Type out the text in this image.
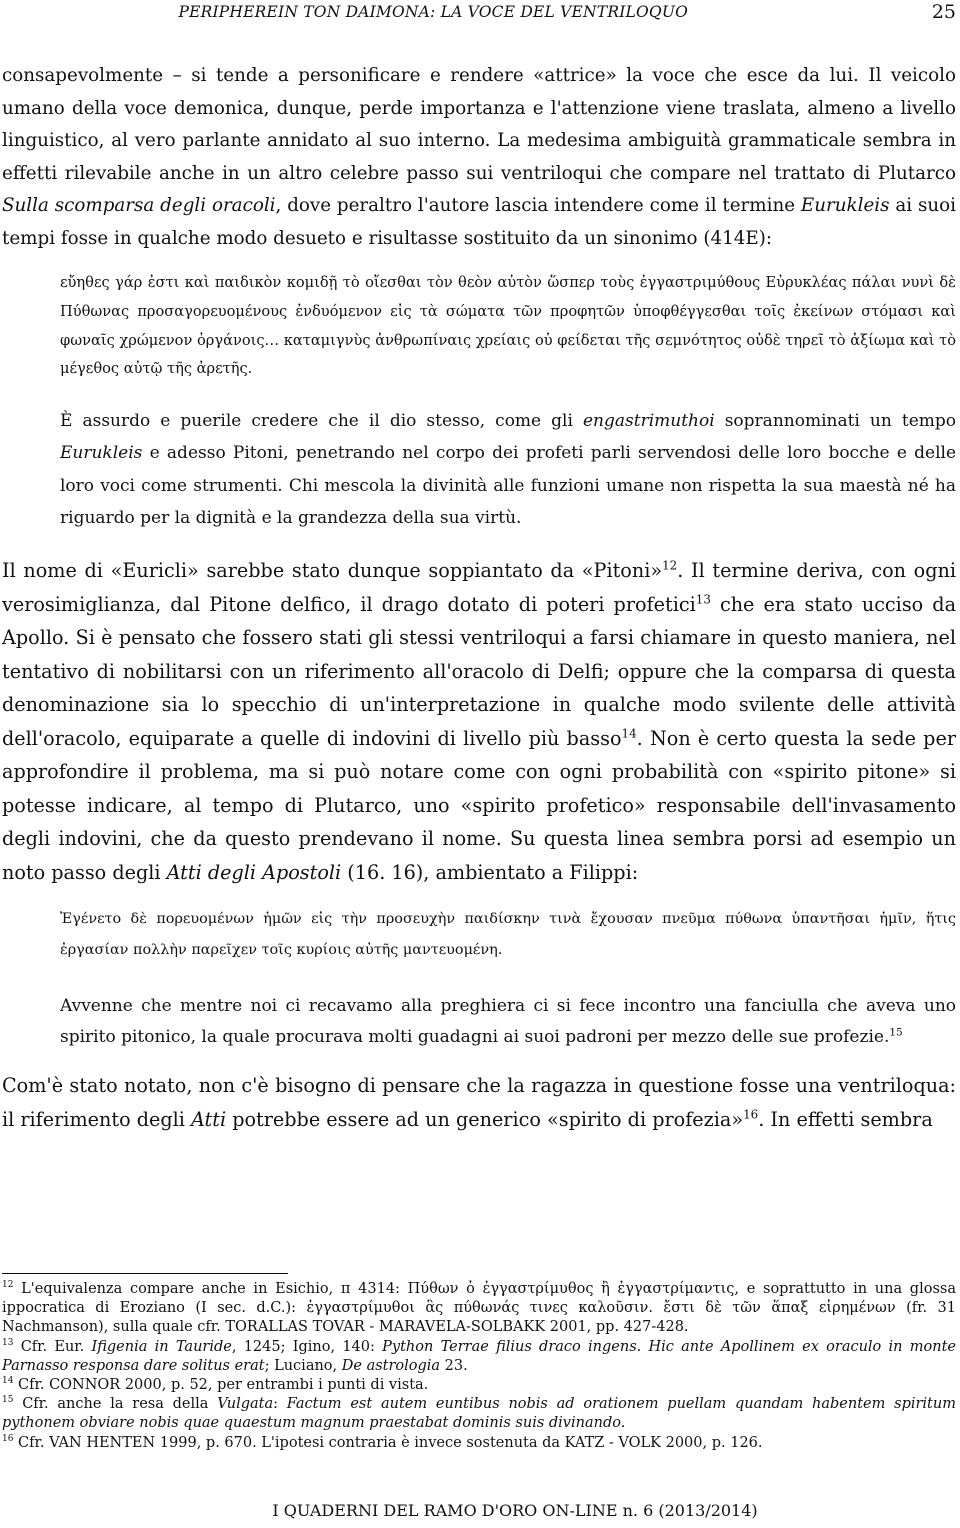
PERIPHEREIN TON DAIMONA: LA VOCE DEL VENTRILOQUO	25

consapevolmente – si tende a personificare e rendere «attrice» la voce che esce da lui. Il veicolo umano della voce demonica, dunque, perde importanza e l'attenzione viene traslata, almeno a livello linguistico, al vero parlante annidato al suo interno. La medesima ambiguità grammaticale sembra in effetti rilevabile anche in un altro celebre passo sui ventriloqui che compare nel trattato di Plutarco Sulla scomparsa degli oracoli, dove peraltro l'autore lascia intendere come il termine Eurukleis ai suoi tempi fosse in qualche modo desueto e risultasse sostituito da un sinonimo (414E):

εὔηθες γάρ ἐστι καὶ παιδικὸν κομιδῇ τὸ οἴεσθαι τὸν θεὸν αὐτὸν ὥσπερ τοὺς ἐγγαστριμύθους Εὐρυκλέας πάλαι νυνὶ δὲ Πύθωνας προσαγορευομένους ἐνδυόμενον εἰς τὰ σώματα τῶν προφητῶν ὑποφθέγγεσθαι τοῖς ἐκείνων στόμασι καὶ φωναῖς χρώμενον ὀργάνοις… καταμιγνὺς ἀνθρωπίναις χρείαις οὐ φείδεται τῆς σεμνότητος οὐδὲ τηρεῖ τὸ ἀξίωμα καὶ τὸ μέγεθος αὐτῷ τῆς ἀρετῆς.

È assurdo e puerile credere che il dio stesso, come gli engastrimuthoi soprannominati un tempo Eurukleis e adesso Pitoni, penetrando nel corpo dei profeti parli servendosi delle loro bocche e delle loro voci come strumenti. Chi mescola la divinità alle funzioni umane non rispetta la sua maestà né ha riguardo per la dignità e la grandezza della sua virtù.

Il nome di «Euricli» sarebbe stato dunque soppiantato da «Pitoni»$^{12}$. Il termine deriva, con ogni verosimiglianza, dal Pitone delfico, il drago dotato di poteri profetici$^{13}$ che era stato ucciso da Apollo. Si è pensato che fossero stati gli stessi ventriloqui a farsi chiamare in questo maniera, nel tentativo di nobilitarsi con un riferimento all'oracolo di Delfi; oppure che la comparsa di questa denominazione sia lo specchio di un'interpretazione in qualche modo svilente delle attività dell'oracolo, equiparate a quelle di indovini di livello più basso$^{14}$. Non è certo questa la sede per approfondire il problema, ma si può notare come con ogni probabilità con «spirito pitone» si potesse indicare, al tempo di Plutarco, uno «spirito profetico» responsabile dell'invasamento degli indovini, che da questo prendevano il nome. Su questa linea sembra porsi ad esempio un noto passo degli Atti degli Apostoli (16. 16), ambientato a Filippi:

Ἐγένετο δὲ πορευομένων ἡμῶν εἰς τὴν προσευχὴν παιδίσκην τινὰ ἔχουσαν πνεῦμα πύθωνα ὑπαντῆσαι ἡμῖν, ἥτις ἐργασίαν πολλὴν παρεῖχεν τοῖς κυρίοις αὐτῆς μαντευομένη.

Avvenne che mentre noi ci recavamo alla preghiera ci si fece incontro una fanciulla che aveva uno spirito pitonico, la quale procurava molti guadagni ai suoi padroni per mezzo delle sue profezie.$^{15}$

Com'è stato notato, non c'è bisogno di pensare che la ragazza in questione fosse una ventriloqua: il riferimento degli Atti potrebbe essere ad un generico «spirito di profezia»$^{16}$. In effetti sembra

$^{12}$ L'equivalenza compare anche in Esichio, π 4314: Πύθων ὁ ἐγγαστρίμυθος ἢ ἐγγαστρίμαντις, e soprattutto in una glossa ippocratica di Eroziano (I sec. d.C.): ἐγγαστρίμυθοι ἃς πύθωνάς τινες καλοῦσιν. ἔστι δὲ τῶν ἅπαξ εἰρημένων (fr. 31 Nachmanson), sulla quale cfr. TORALLAS TOVAR - MARAVELA-SOLBAKK 2001, pp. 427-428.

$^{13}$ Cfr. Eur. Ifigenia in Tauride, 1245; Igino, 140: Python Terrae filius draco ingens. Hic ante Apollinem ex oraculo in monte Parnasso responsa dare solitus erat; Luciano, De astrologia 23.

$^{14}$ Cfr. CONNOR 2000, p. 52, per entrambi i punti di vista.

$^{15}$ Cfr. anche la resa della Vulgata: Factum est autem euntibus nobis ad orationem puellam quandam habentem spiritum pythonem obviare nobis quae quaestum magnum praestabat dominis suis divinando.

$^{16}$ Cfr. VAN HENTEN 1999, p. 670. L'ipotesi contraria è invece sostenuta da KATZ - VOLK 2000, p. 126.

I QUADERNI DEL RAMO D'ORO ON-LINE n. 6 (2013/2014)
